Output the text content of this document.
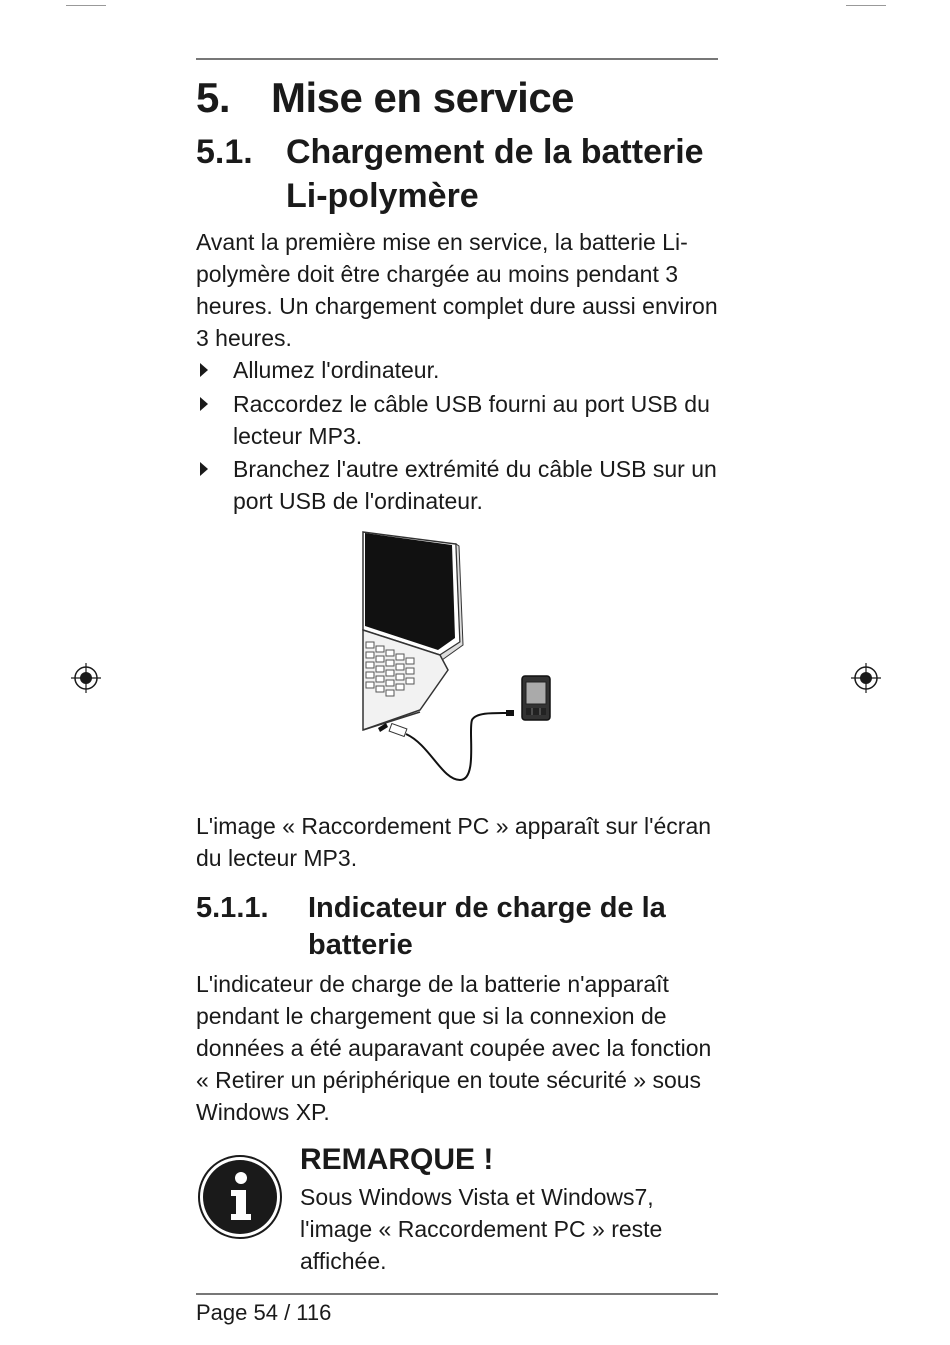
5. Mise en service
5.1. Chargement de la batterie Li-polymère

Avant la première mise en service, la batterie Li-polymère doit être chargée au moins pendant 3 heures. Un chargement complet dure aussi environ 3 heures.

Allumez l'ordinateur.
Raccordez le câble USB fourni au port USB du lecteur MP3.
Branchez l'autre extrémité du câble USB sur un port USB de l'ordinateur.

L'image « Raccordement PC » apparaît sur l'écran du lecteur MP3.

5.1.1. Indicateur de charge de la batterie

L'indicateur de charge de la batterie n'apparaît pendant le chargement que si la connexion de données a été auparavant coupée avec la fonction « Retirer un périphérique en toute sécurité » sous Windows XP.

REMARQUE !

Sous Windows Vista et Windows7, l'image « Raccordement PC » reste affichée.

Page 54 / 116
